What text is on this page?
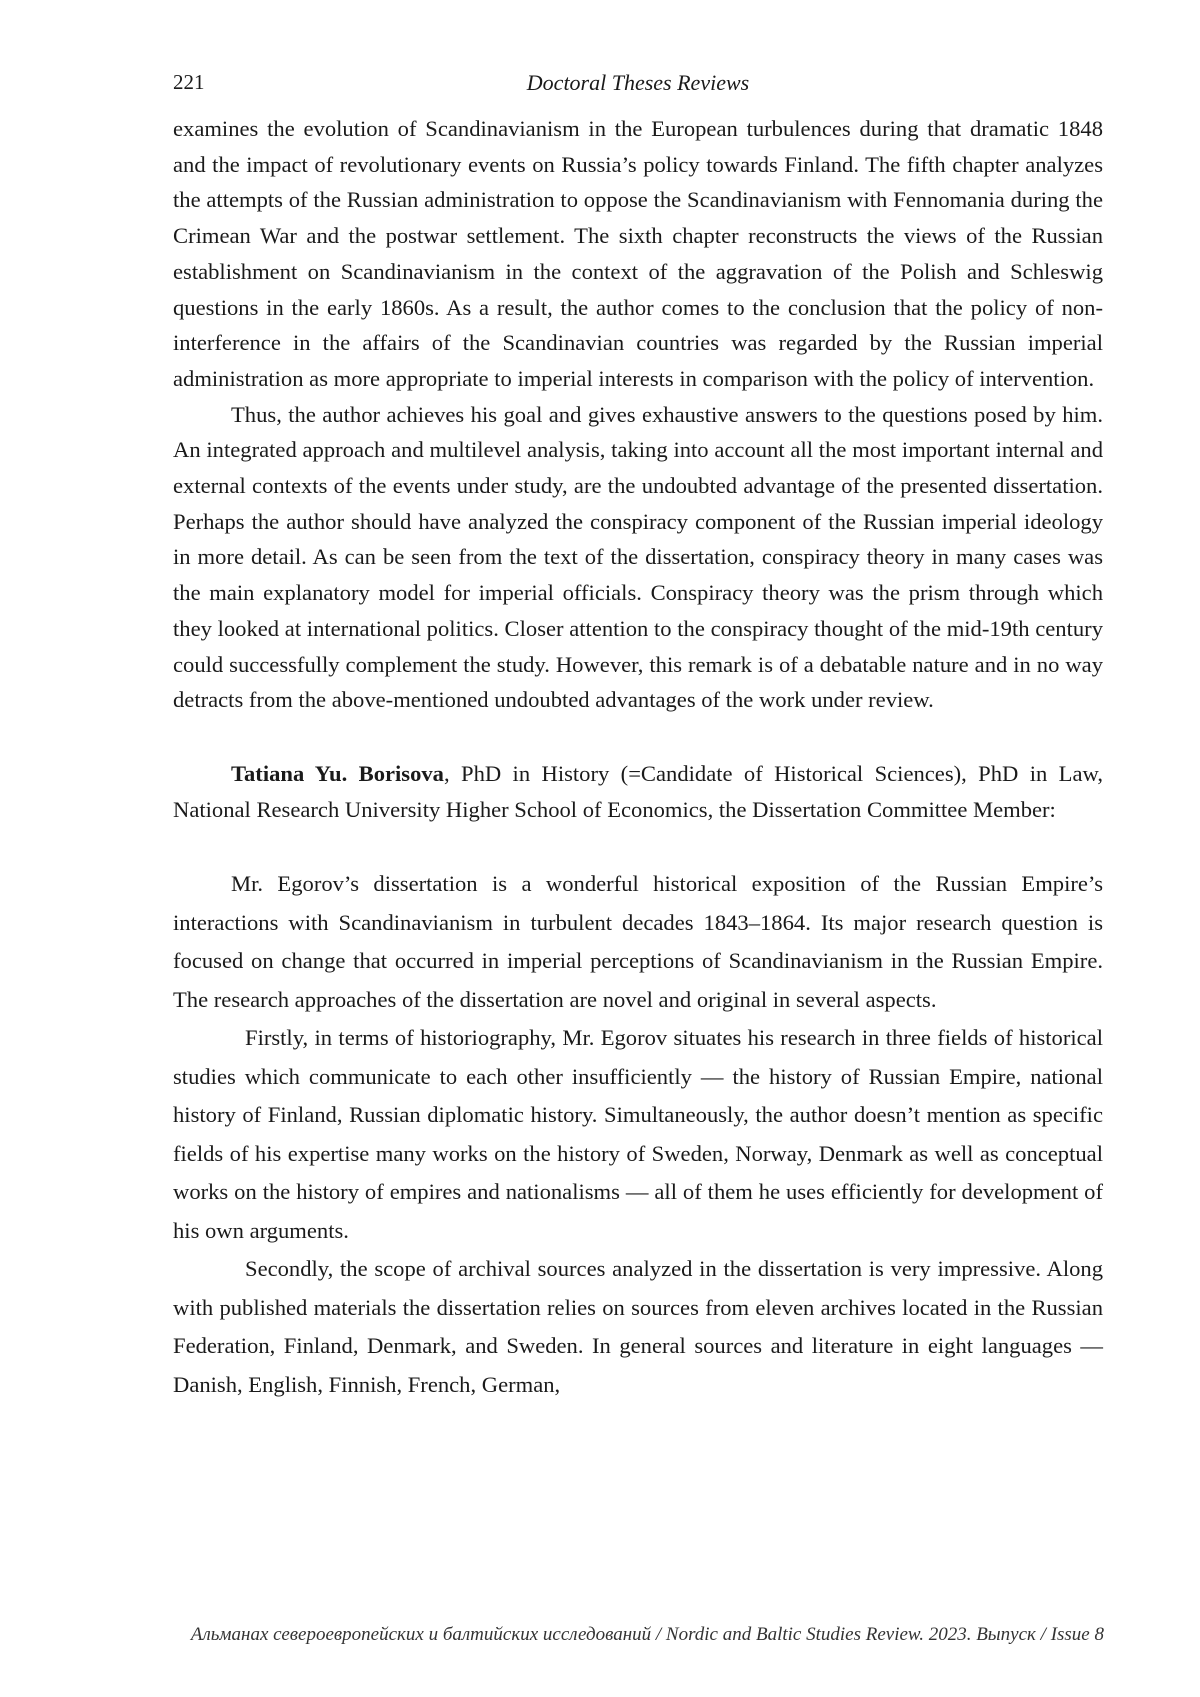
221	Doctoral Theses Reviews

examines the evolution of Scandinavianism in the European turbulences during that dramatic 1848 and the impact of revolutionary events on Russia’s policy towards Finland. The fifth chapter analyzes the attempts of the Russian administration to oppose the Scandinavianism with Fennomania during the Crimean War and the postwar settlement. The sixth chapter reconstructs the views of the Russian establishment on Scandinavianism in the context of the aggravation of the Polish and Schleswig questions in the early 1860s. As a result, the author comes to the conclusion that the policy of non-interference in the affairs of the Scandinavian countries was regarded by the Russian imperial administration as more appropriate to imperial interests in comparison with the policy of intervention.

Thus, the author achieves his goal and gives exhaustive answers to the questions posed by him. An integrated approach and multilevel analysis, taking into account all the most important internal and external contexts of the events under study, are the undoubted advantage of the presented dissertation. Perhaps the author should have analyzed the conspiracy component of the Russian imperial ideology in more detail. As can be seen from the text of the dissertation, conspiracy theory in many cases was the main explanatory model for imperial officials. Conspiracy theory was the prism through which they looked at international politics. Closer attention to the conspiracy thought of the mid-19th century could successfully complement the study. However, this remark is of a debatable nature and in no way detracts from the above-mentioned undoubted advantages of the work under review.

Tatiana Yu. Borisova, PhD in History (=Candidate of Historical Sciences), PhD in Law, National Research University Higher School of Economics, the Dissertation Committee Member:

Mr. Egorov’s dissertation is a wonderful historical exposition of the Russian Empire’s interactions with Scandinavianism in turbulent decades 1843–1864. Its major research question is focused on change that occurred in imperial perceptions of Scandinavianism in the Russian Empire. The research approaches of the dissertation are novel and original in several aspects.

Firstly, in terms of historiography, Mr. Egorov situates his research in three fields of historical studies which communicate to each other insufficiently — the history of Russian Empire, national history of Finland, Russian diplomatic history. Simultaneously, the author doesn’t mention as specific fields of his expertise many works on the history of Sweden, Norway, Denmark as well as conceptual works on the history of empires and nationalisms — all of them he uses efficiently for development of his own arguments.

Secondly, the scope of archival sources analyzed in the dissertation is very impressive. Along with published materials the dissertation relies on sources from eleven archives located in the Russian Federation, Finland, Denmark, and Sweden. In general sources and literature in eight languages — Danish, English, Finnish, French, German,

Альманах североевропейских и балтийских исследований / Nordic and Baltic Studies Review. 2023. Выпуск / Issue 8
